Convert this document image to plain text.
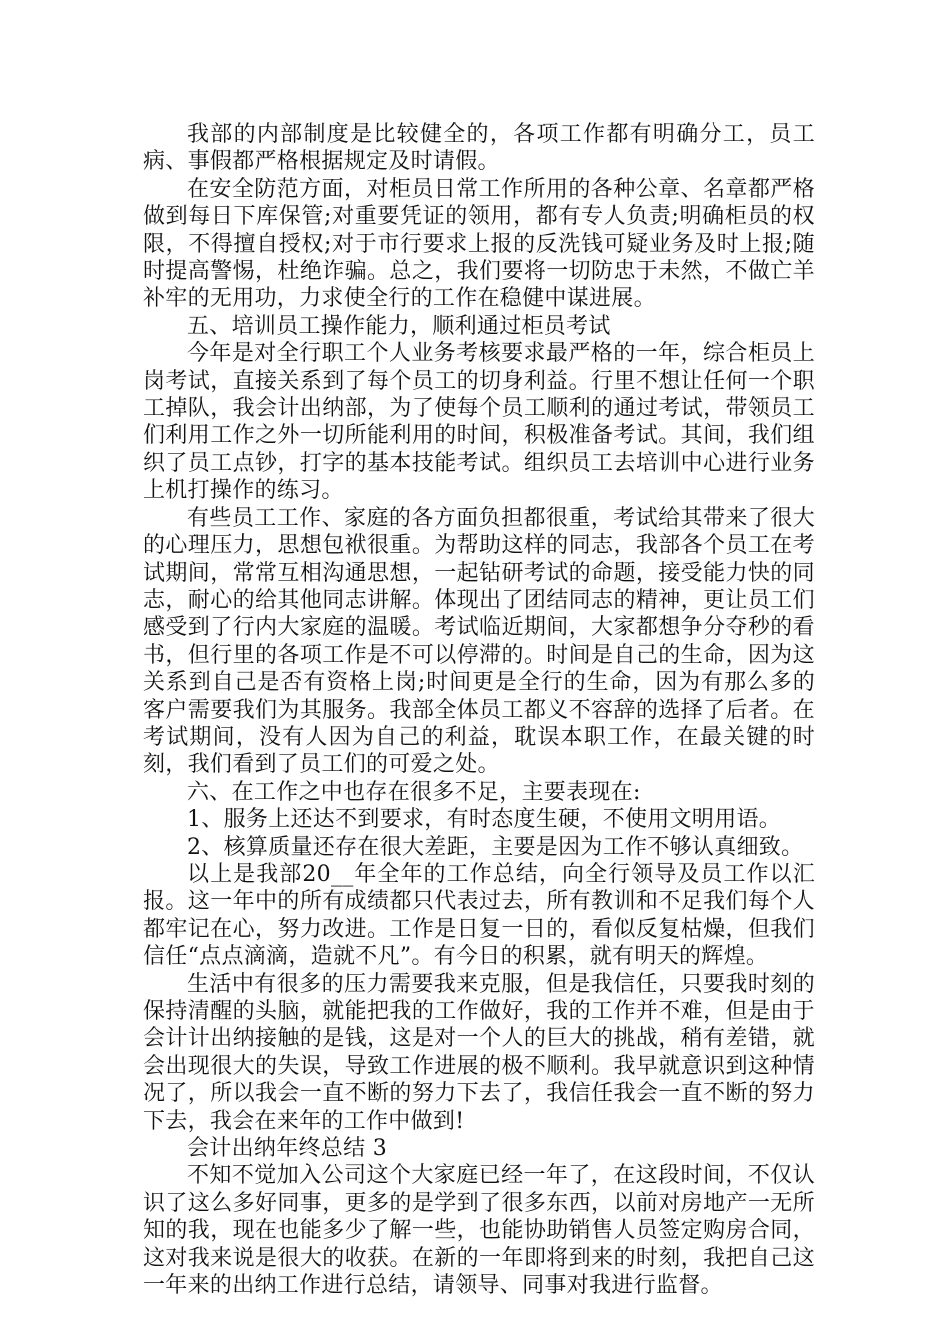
我部的内部制度是比较健全的，各项工作都有明确分工，员工病、事假都严格根据规定及时请假。

在安全防范方面，对柜员日常工作所用的各种公章、名章都严格做到每日下库保管;对重要凭证的领用，都有专人负责;明确柜员的权限，不得擅自授权;对于市行要求上报的反洗钱可疑业务及时上报;随时提高警惕，杜绝诈骗。总之，我们要将一切防忠于未然，不做亡羊补牢的无用功，力求使全行的工作在稳健中谋进展。

五、培训员工操作能力，顺利通过柜员考试

今年是对全行职工个人业务考核要求最严格的一年，综合柜员上岗考试，直接关系到了每个员工的切身利益。行里不想让任何一个职工掉队，我会计出纳部，为了使每个员工顺利的通过考试，带领员工们利用工作之外一切所能利用的时间，积极准备考试。其间，我们组织了员工点钞，打字的基本技能考试。组织员工去培训中心进行业务上机打操作的练习。

有些员工工作、家庭的各方面负担都很重，考试给其带来了很大的心理压力，思想包袱很重。为帮助这样的同志，我部各个员工在考试期间，常常互相沟通思想，一起钻研考试的命题，接受能力快的同志，耐心的给其他同志讲解。体现出了团结同志的精神，更让员工们感受到了行内大家庭的温暖。考试临近期间，大家都想争分夺秒的看书，但行里的各项工作是不可以停滞的。时间是自己的生命，因为这关系到自己是否有资格上岗;时间更是全行的生命，因为有那么多的客户需要我们为其服务。我部全体员工都义不容辞的选择了后者。在考试期间，没有人因为自己的利益，耽误本职工作，在最关键的时刻，我们看到了员工们的可爱之处。

六、在工作之中也存在很多不足，主要表现在:

1、服务上还达不到要求，有时态度生硬，不使用文明用语。

2、核算质量还存在很大差距，主要是因为工作不够认真细致。

以上是我部20__年全年的工作总结，向全行领导及员工作以汇报。这一年中的所有成绩都只代表过去，所有教训和不足我们每个人都牢记在心，努力改进。工作是日复一日的，看似反复枯燥，但我们信任“点点滴滴，造就不凡”。有今日的积累，就有明天的辉煌。

生活中有很多的压力需要我来克服，但是我信任，只要我时刻的保持清醒的头脑，就能把我的工作做好，我的工作并不难，但是由于会计计出纳接触的是钱，这是对一个人的巨大的挑战，稍有差错，就会出现很大的失误，导致工作进展的极不顺利。我早就意识到这种情况了，所以我会一直不断的努力下去了，我信任我会一直不断的努力下去，我会在来年的工作中做到!

会计出纳年终总结 3

不知不觉加入公司这个大家庭已经一年了，在这段时间，不仅认识了这么多好同事，更多的是学到了很多东西，以前对房地产一无所知的我，现在也能多少了解一些，也能协助销售人员签定购房合同，这对我来说是很大的收获。在新的一年即将到来的时刻，我把自己这一年来的出纳工作进行总结，请领导、同事对我进行监督。
